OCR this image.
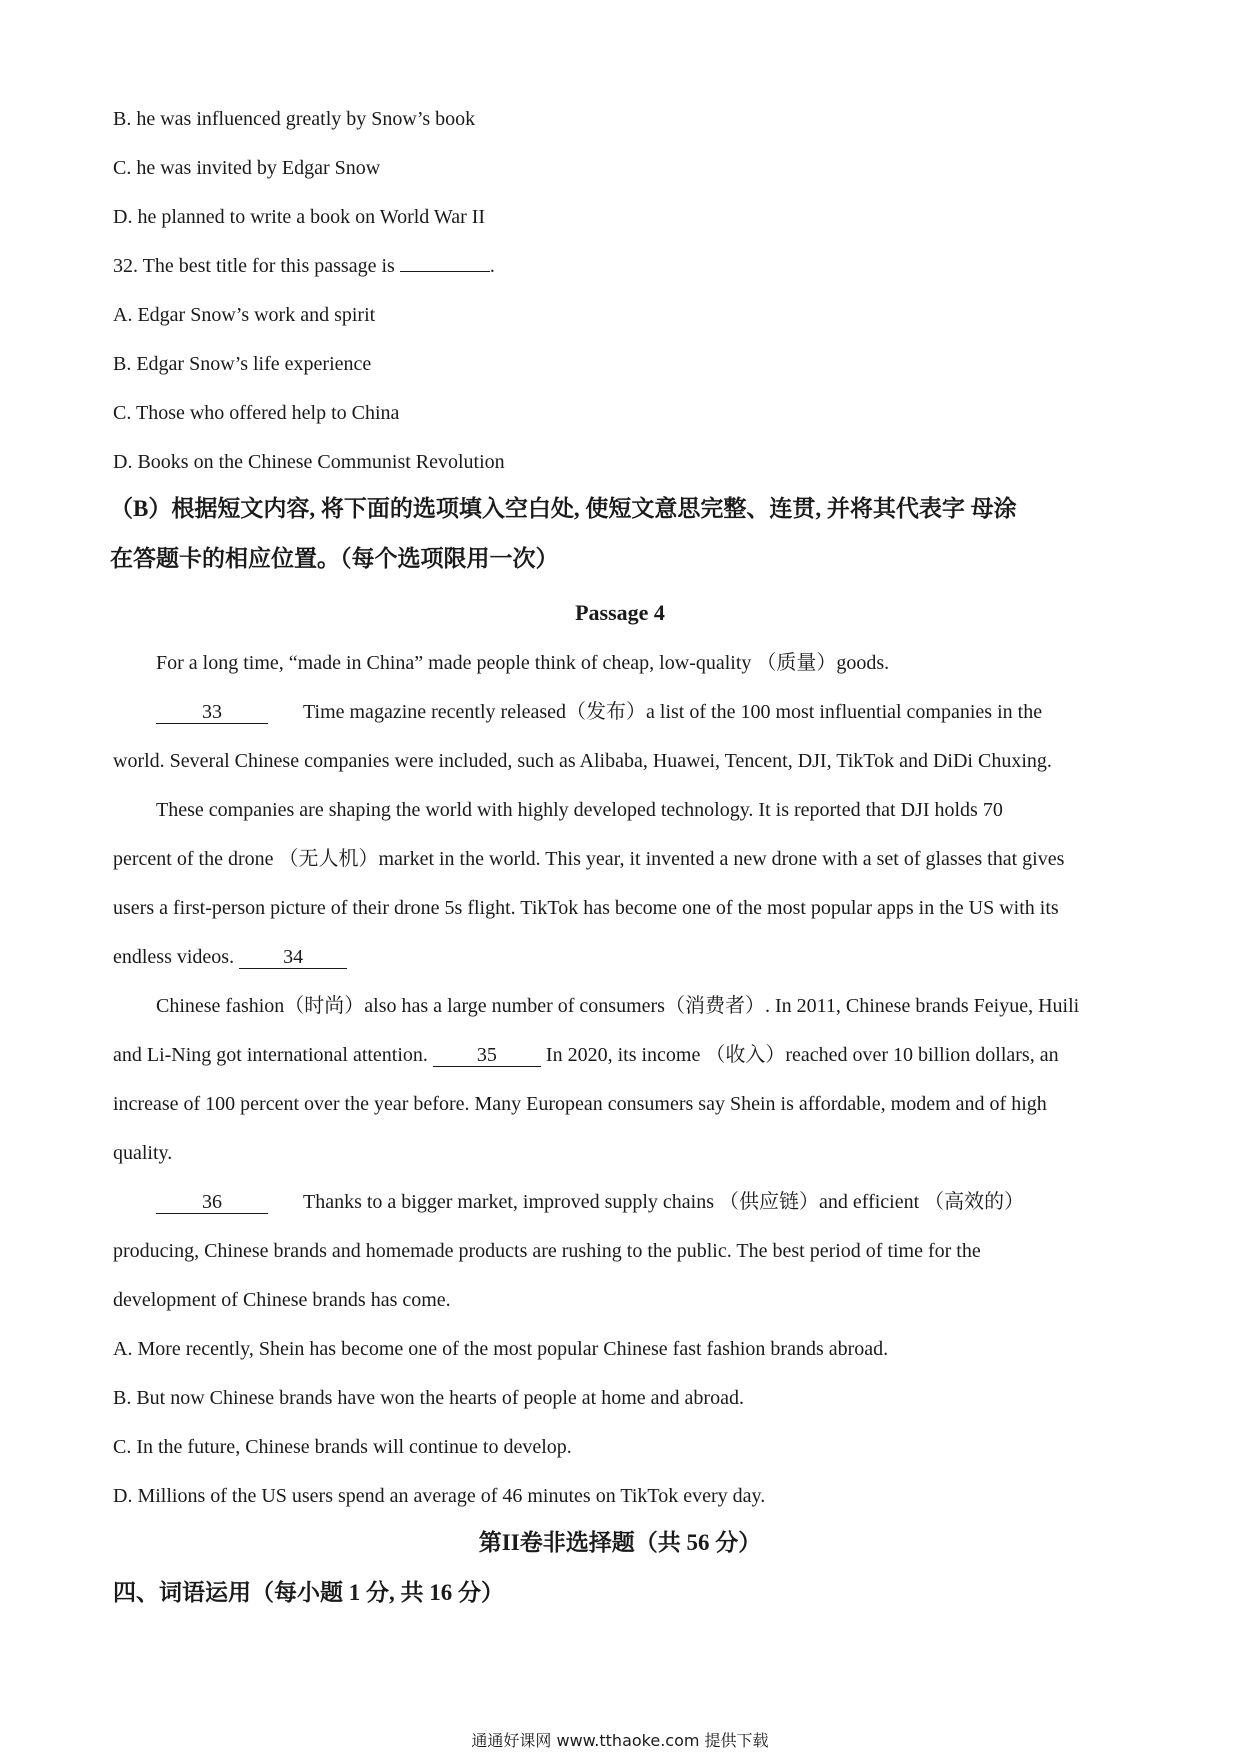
B. he was influenced greatly by Snow’s book

C. he was invited by Edgar Snow

D. he planned to write a book on World War II

32. The best title for this passage is	.

A. Edgar Snow’s work and spirit

B. Edgar Snow’s life experience

C. Those who offered help to China

D. Books on the Chinese Communist Revolution

（B）根据短文内容, 将下面的选项填入空白处, 使短文意思完整、连贯, 并将其代表字 母涂

在答题卡的相应位置。（每个选项限用一次）

Passage 4

For a long time, “made in China” made people think of cheap, low-quality （质量）goods.

33	Time magazine recently released（发布）a list of the 100 most influential companies in the

world. Several Chinese companies were included, such as Alibaba, Huawei, Tencent, DJI, TikTok and DiDi Chuxing.

These companies are shaping the world with highly developed technology. It is reported that DJI holds 70

percent of the drone （无人机）market in the world. This year, it invented a new drone with a set of glasses that gives

users a first-person picture of their drone 5s flight. TikTok has become one of the most popular apps in the US with its

endless videos. 34

Chinese fashion（时尚）also has a large number of consumers（消费者）. In 2011, Chinese brands Feiyue, Huili

and Li-Ning got international attention. 35 In 2020, its income （收入）reached over 10 billion dollars, an

increase of 100 percent over the year before. Many European consumers say Shein is affordable, modem and of high

quality.

36	Thanks to a bigger market, improved supply chains （供应链）and efficient （高效的）

producing, Chinese brands and homemade products are rushing to the public. The best period of time for the

development of Chinese brands has come.

A. More recently, Shein has become one of the most popular Chinese fast fashion brands abroad.

B. But now Chinese brands have won the hearts of people at home and abroad.

C. In the future, Chinese brands will continue to develop.

D. Millions of the US users spend an average of 46 minutes on TikTok every day.

第II卷非选择题（共 56 分）

四、词语运用（每小题 1 分, 共 16 分）

通通好课网 www.tthaoke.com 提供下载
